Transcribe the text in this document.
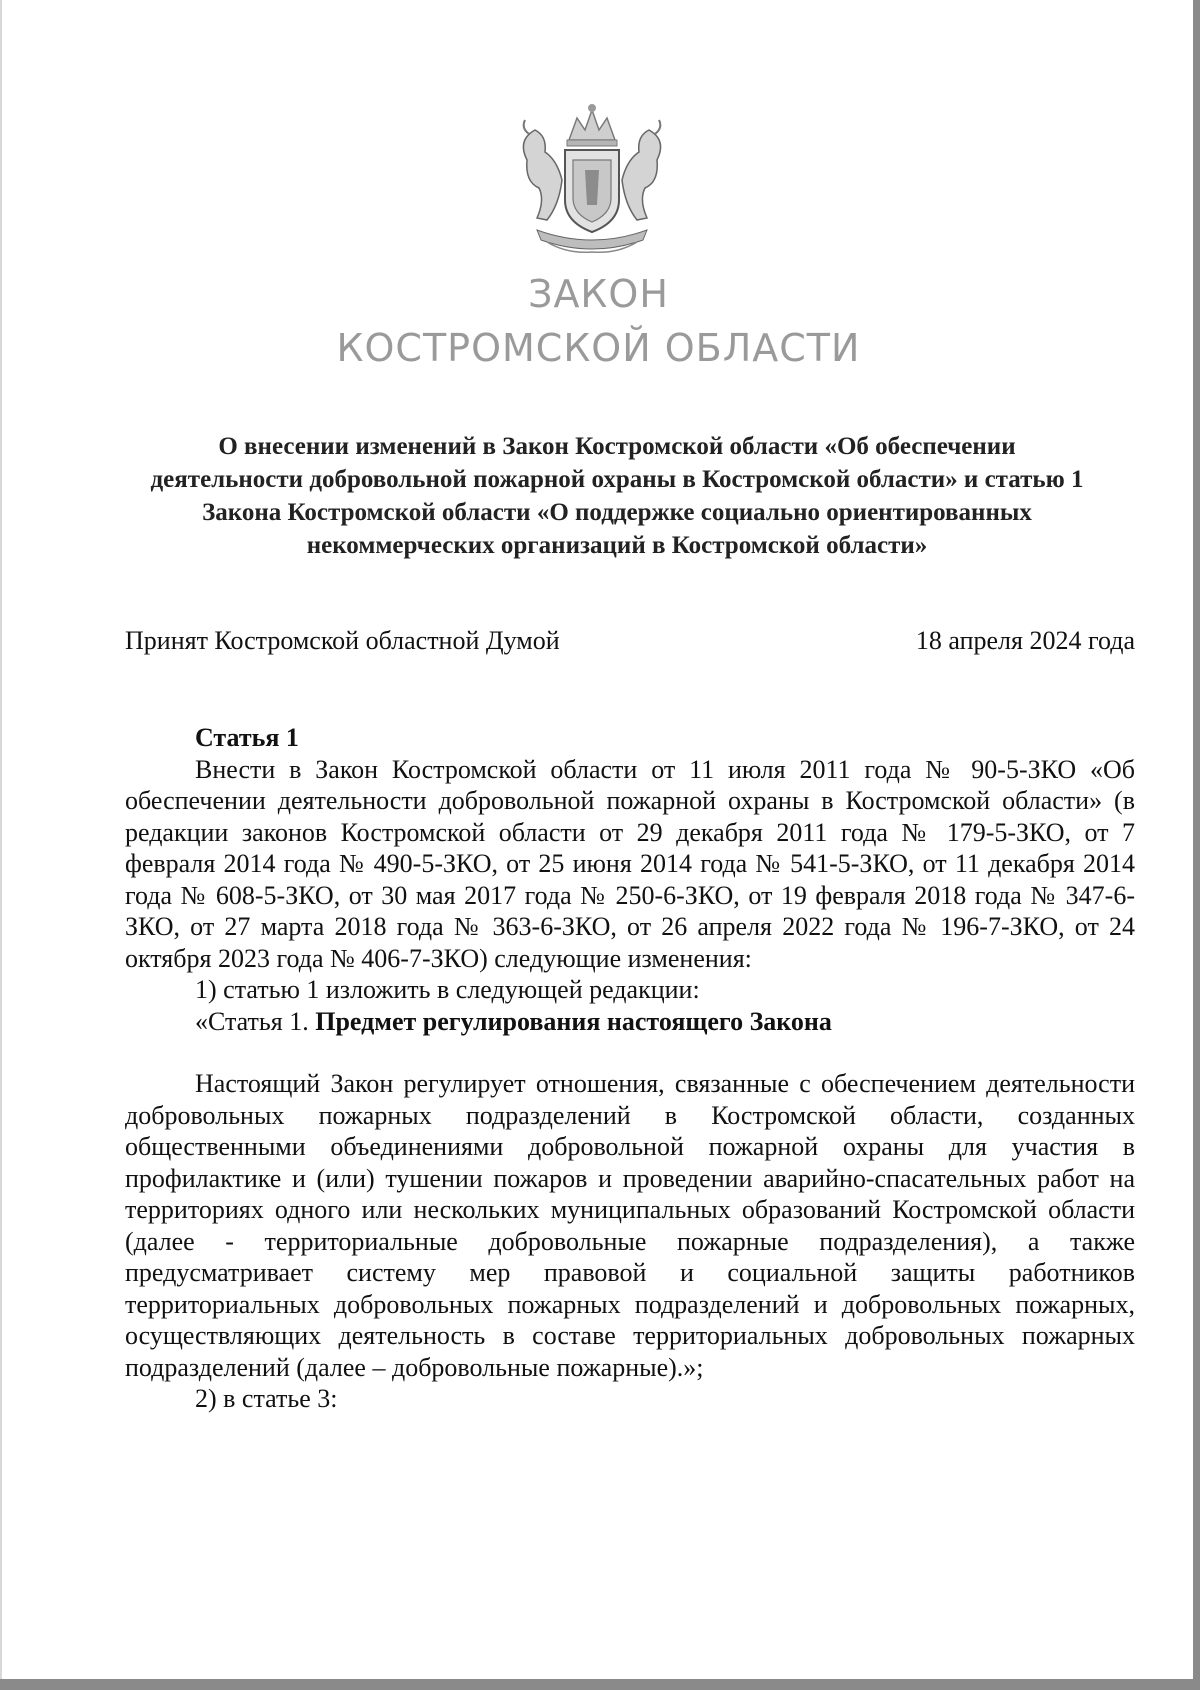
ЗАКОН
КОСТРОМСКОЙ ОБЛАСТИ
О внесении изменений в Закон Костромской области «Об обеспечении деятельности добровольной пожарной охраны в Костромской области» и статью 1 Закона Костромской области «О поддержке социально ориентированных некоммерческих организаций в Костромской области»
Принят Костромской областной Думой	18 апреля 2024 года

Статья 1

Внести в Закон Костромской области от 11 июля 2011 года № 90-5-ЗКО «Об обеспечении деятельности добровольной пожарной охраны в Костромской области» (в редакции законов Костромской области от 29 декабря 2011 года № 179-5-ЗКО, от 7 февраля 2014 года № 490-5-ЗКО, от 25 июня 2014 года № 541-5-ЗКО, от 11 декабря 2014 года № 608-5-ЗКО, от 30 мая 2017 года № 250-6-ЗКО, от 19 февраля 2018 года № 347-6-ЗКО, от 27 марта 2018 года № 363-6-ЗКО, от 26 апреля 2022 года № 196-7-ЗКО, от 24 октября 2023 года № 406-7-ЗКО) следующие изменения:

1) статью 1 изложить в следующей редакции:

«Статья 1. Предмет регулирования настоящего Закона

Настоящий Закон регулирует отношения, связанные с обеспечением деятельности добровольных пожарных подразделений в Костромской области, созданных общественными объединениями добровольной пожарной охраны для участия в профилактике и (или) тушении пожаров и проведении аварийно-спасательных работ на территориях одного или нескольких муниципальных образований Костромской области (далее - территориальные добровольные пожарные подразделения), а также предусматривает систему мер правовой и социальной защиты работников территориальных добровольных пожарных подразделений и добровольных пожарных, осуществляющих деятельность в составе территориальных добровольных пожарных подразделений (далее – добровольные пожарные).»;

2) в статье 3:
